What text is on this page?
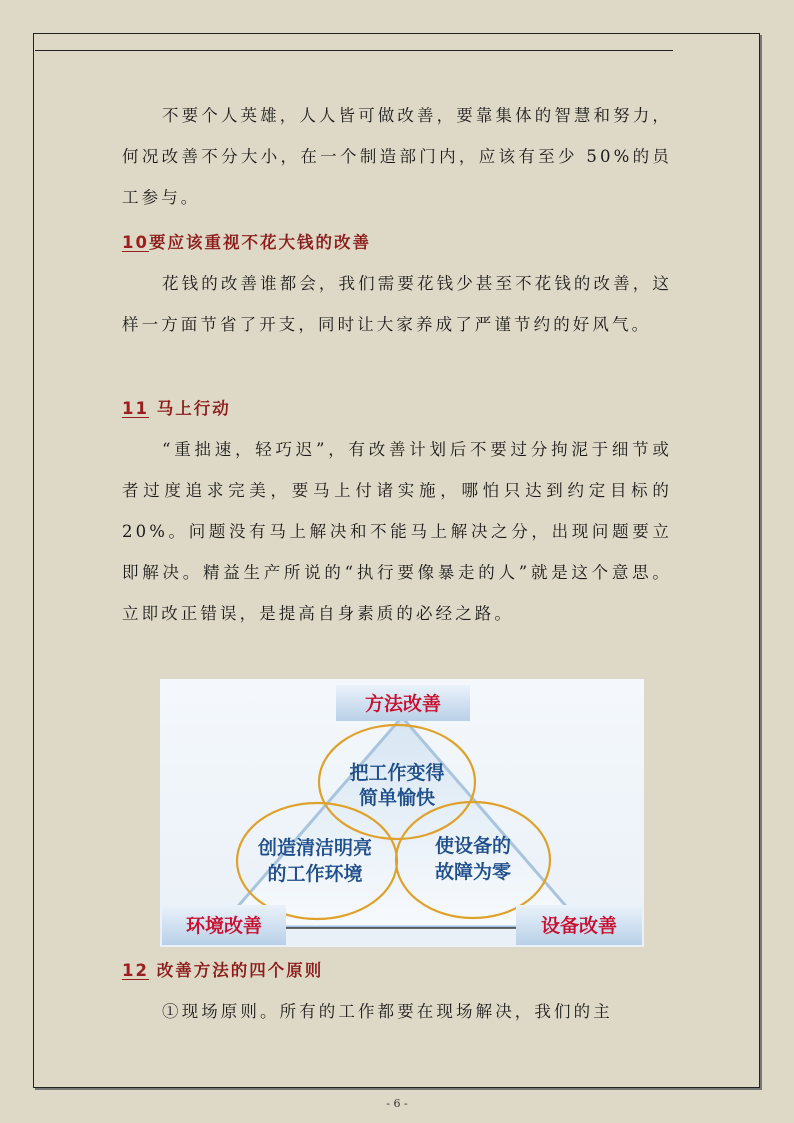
不要个人英雄，人人皆可做改善，要靠集体的智慧和努力，何况改善不分大小，在一个制造部门内，应该有至少 50%的员工参与。

10要应该重视不花大钱的改善

花钱的改善谁都会，我们需要花钱少甚至不花钱的改善，这样一方面节省了开支，同时让大家养成了严谨节约的好风气。

11 马上行动

“重拙速，轻巧迟”，有改善计划后不要过分拘泥于细节或者过度追求完美，要马上付诸实施，哪怕只达到约定目标的 20%。问题没有马上解决和不能马上解决之分，出现问题要立即解决。精益生产所说的“执行要像暴走的人”就是这个意思。立即改正错误，是提高自身素质的必经之路。

把工作变得
简单愉快
创造清洁明亮
的工作环境
使设备的
故障为零
方法改善
环境改善	设备改善
12 改善方法的四个原则

①现场原则。所有的工作都要在现场解决，我们的主

- 6 -
